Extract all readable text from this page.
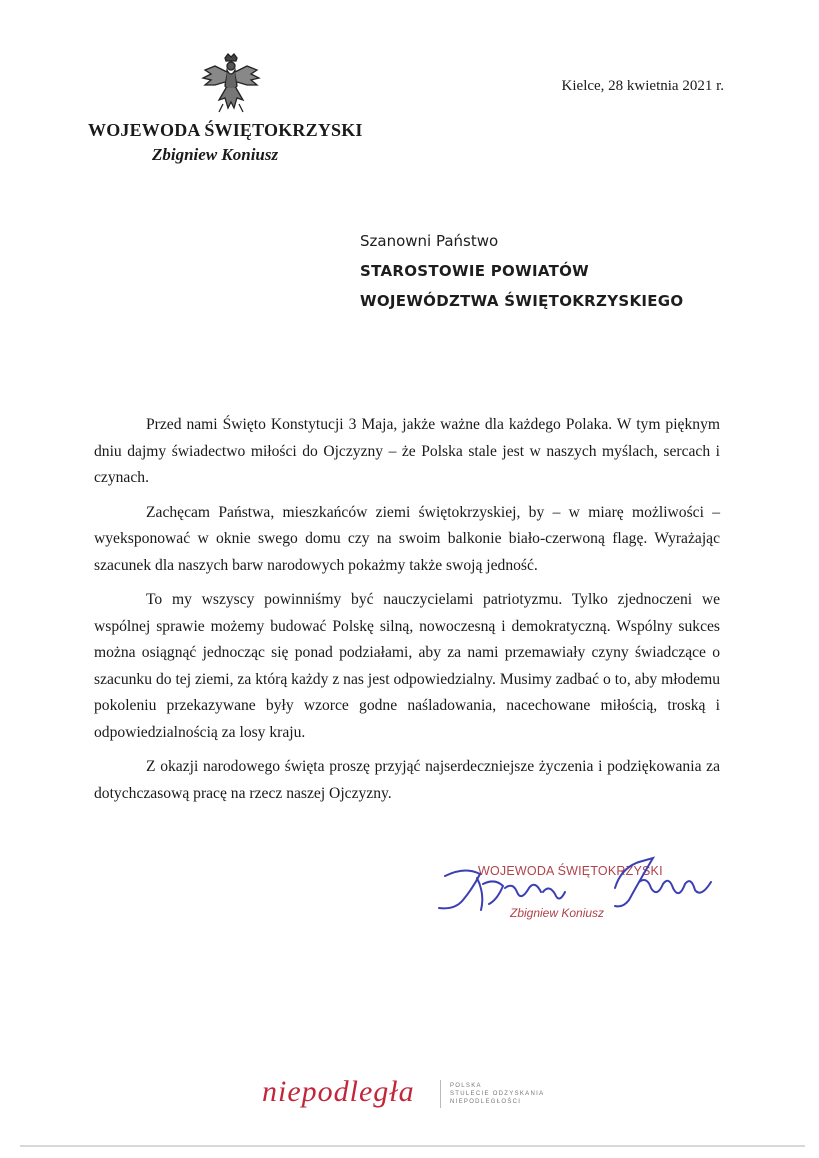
Kielce, 28 kwietnia 2021 r.
WOJEWODA ŚWIĘTOKRZYSKI
Zbigniew Koniusz
Szanowni Państwo
STAROSTOWIE POWIATÓW
WOJEWÓDZTWA ŚWIĘTOKRZYSKIEGO

Przed nami Święto Konstytucji 3 Maja, jakże ważne dla każdego Polaka. W tym pięknym dniu dajmy świadectwo miłości do Ojczyzny – że Polska stale jest w naszych myślach, sercach i czynach.

Zachęcam Państwa, mieszkańców ziemi świętokrzyskiej, by – w miarę możliwości – wyeksponować w oknie swego domu czy na swoim balkonie biało-czerwoną flagę. Wyrażając szacunek dla naszych barw narodowych pokażmy także swoją jedność.

To my wszyscy powinniśmy być nauczycielami patriotyzmu. Tylko zjednoczeni we wspólnej sprawie możemy budować Polskę silną, nowoczesną i demokratyczną. Wspólny sukces można osiągnąć jednocząc się ponad podziałami, aby za nami przemawiały czyny świadczące o szacunku do tej ziemi, za którą każdy z nas jest odpowiedzialny. Musimy zadbać o to, aby młodemu pokoleniu przekazywane były wzorce godne naśladowania, nacechowane miłością, troską i odpowiedzialnością za losy kraju.

Z okazji narodowego święta proszę przyjąć najserdeczniejsze życzenia i podziękowania za dotychczasową pracę na rzecz naszej Ojczyzny.

WOJEWODA ŚWIĘTOKRZYSKI
Zbigniew Koniusz
niepodległa	POLSKA
STULECIE ODZYSKANIA
NIEPODLEGŁOŚCI
